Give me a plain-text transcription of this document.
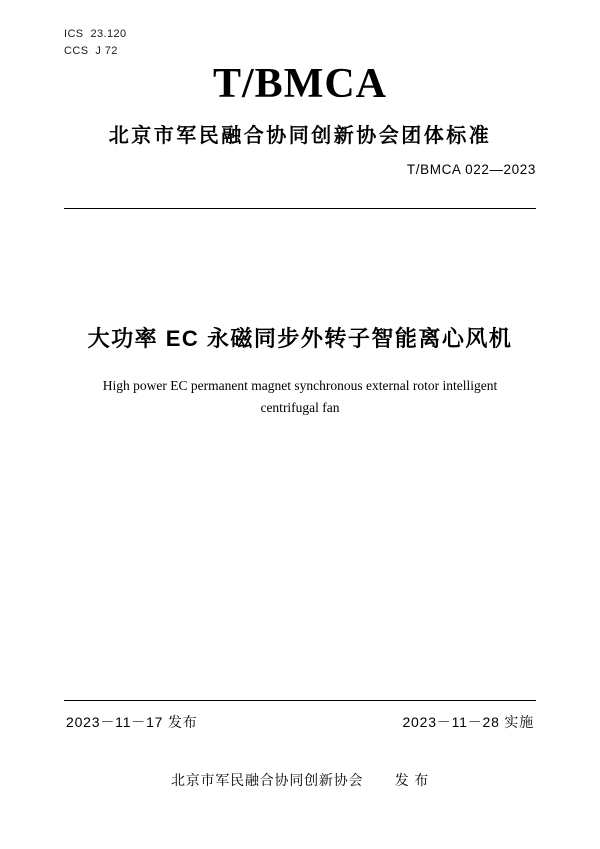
ICS  23.120
CCS  J 72
T/BMCA
北京市军民融合协同创新协会团体标准
T/BMCA 022—2023
大功率 EC 永磁同步外转子智能离心风机
High power EC permanent magnet synchronous external rotor intelligent centrifugal fan
2023－11－17 发布	2023－11－28 实施
北京市军民融合协同创新协会 发 布
